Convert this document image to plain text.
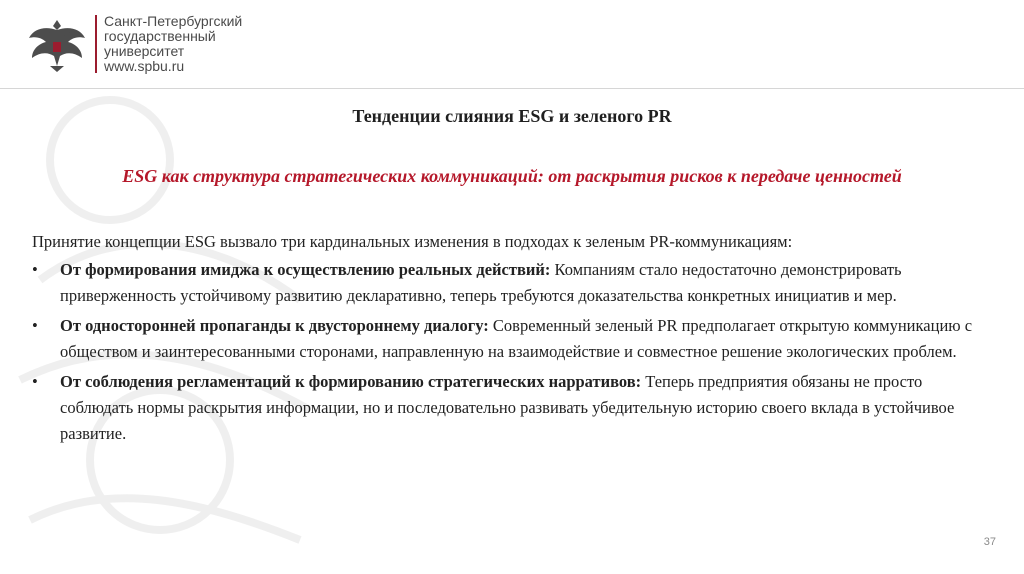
Санкт-Петербургский
государственный
университет
www.spbu.ru
Тенденции слияния ESG и зеленого PR
ESG как структура стратегических коммуникаций: от раскрытия рисков к передаче ценностей

Принятие концепции ESG вызвало три кардинальных изменения в подходах к зеленым PR-коммуникациям:

• От формирования имиджа к осуществлению реальных действий: Компаниям стало недостаточно демонстрировать приверженность устойчивому развитию декларативно, теперь требуются доказательства конкретных инициатив и мер.
• От односторонней пропаганды к двустороннему диалогу: Современный зеленый PR предполагает открытую коммуникацию с обществом и заинтересованными сторонами, направленную на взаимодействие и совместное решение экологических проблем.
• От соблюдения регламентаций к формированию стратегических нарративов: Теперь предприятия обязаны не просто соблюдать нормы раскрытия информации, но и последовательно развивать убедительную историю своего вклада в устойчивое развитие.
37
